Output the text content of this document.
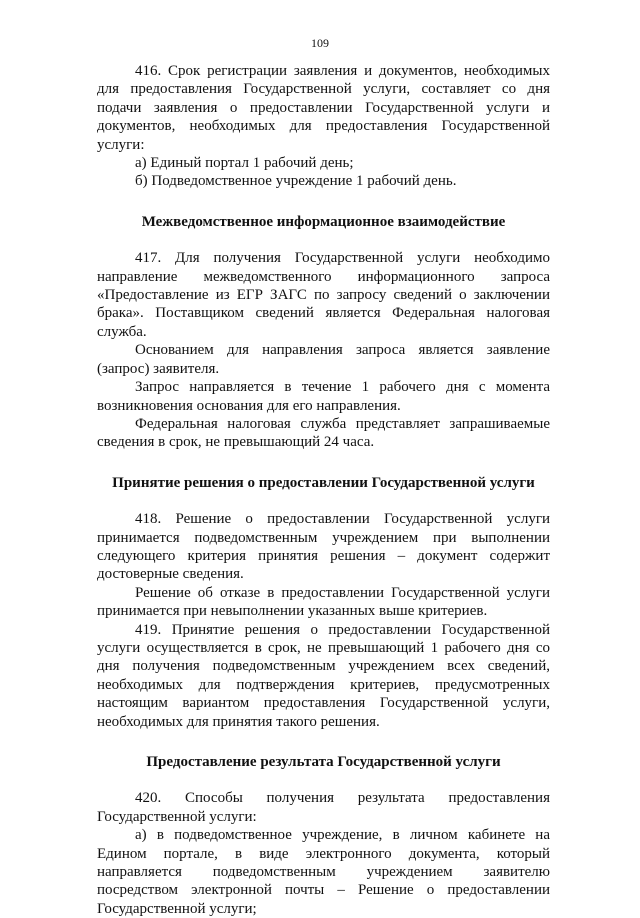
109

416. Срок регистрации заявления и документов, необходимых для предоставления Государственной услуги, составляет со дня подачи заявления о предоставлении Государственной услуги и документов, необходимых для предоставления Государственной услуги:

а) Единый портал 1 рабочий день;

б) Подведомственное учреждение 1 рабочий день.

Межведомственное информационное взаимодействие

417. Для получения Государственной услуги необходимо направление межведомственного информационного запроса «Предоставление из ЕГР ЗАГС по запросу сведений о заключении брака». Поставщиком сведений является Федеральная налоговая служба.

Основанием для направления запроса является заявление (запрос) заявителя.

Запрос направляется в течение 1 рабочего дня с момента возникновения основания для его направления.

Федеральная налоговая служба представляет запрашиваемые сведения в срок, не превышающий 24 часа.

Принятие решения о предоставлении Государственной услуги

418. Решение о предоставлении Государственной услуги принимается подведомственным учреждением при выполнении следующего критерия принятия решения – документ содержит достоверные сведения.

Решение об отказе в предоставлении Государственной услуги принимается при невыполнении указанных выше критериев.

419. Принятие решения о предоставлении Государственной услуги осуществляется в срок, не превышающий 1 рабочего дня со дня получения подведомственным учреждением всех сведений, необходимых для подтверждения критериев, предусмотренных настоящим вариантом предоставления Государственной услуги, необходимых для принятия такого решения.

Предоставление результата Государственной услуги

420. Способы получения результата предоставления Государственной услуги:

а) в подведомственное учреждение, в личном кабинете на Едином портале, в виде электронного документа, который направляется подведомственным учреждением заявителю посредством электронной почты – Решение о предоставлении Государственной услуги;
